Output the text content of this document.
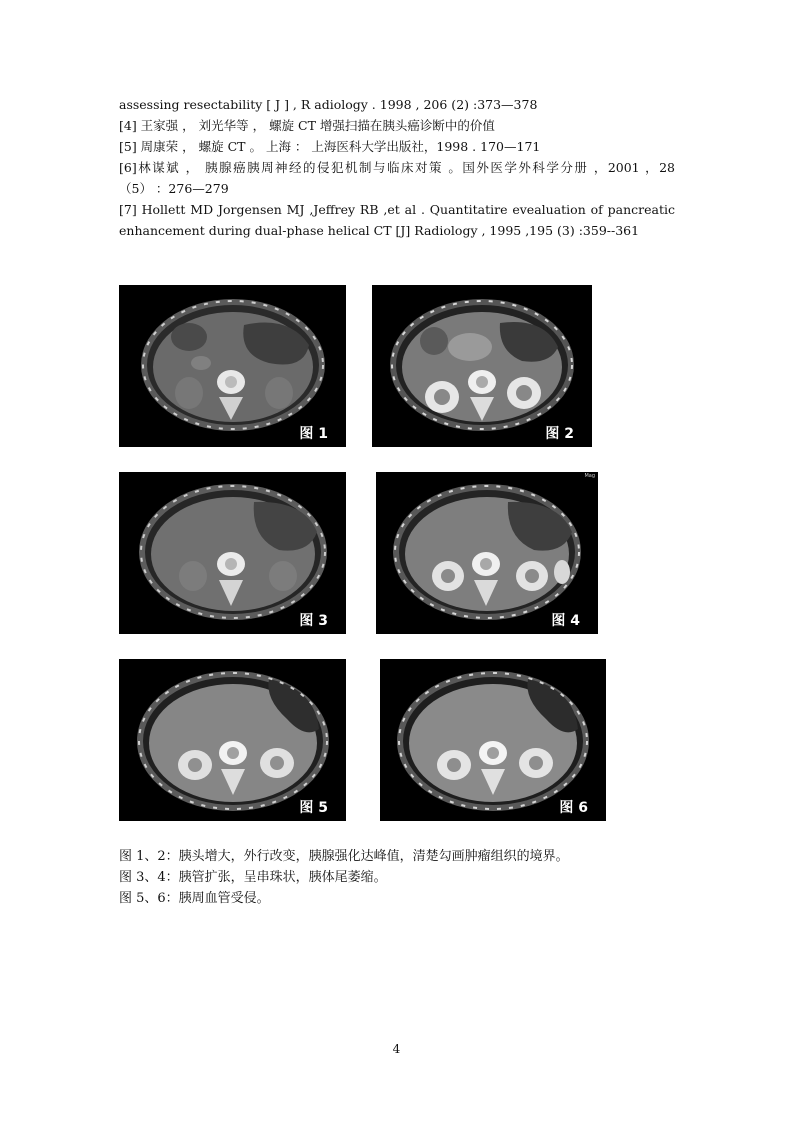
assessing resectability [ J ] , R adiology . 1998 , 206 (2) :373—378

[4] 王家强 ， 刘光华等 ， 螺旋 CT 增强扫描在胰头癌诊断中的价值

[5] 周康荣 ， 螺旋 CT 。 上海 ： 上海医科大学出版社，1998 . 170—171

[6]林谋斌 ， 胰腺癌胰周神经的侵犯机制与临床对策 。国外医学外科学分册 ，2001 ，28

（5） ：276—279

[7] Hollett MD Jorgensen MJ ,Jeffrey RB ,et al . Quantitatire evealuation of pancreatic

enhancement during dual-phase helical CT [J] Radiology , 1995 ,195 (3) :359--361

图 1	图 2
图 3
Mag
图 4
图 5	图 6

图 1、2：胰头增大，外行改变，胰腺强化达峰值，清楚勾画肿瘤组织的境界。

图 3、4：胰管扩张，呈串珠状，胰体尾萎缩。

图 5、6：胰周血管受侵。

4
